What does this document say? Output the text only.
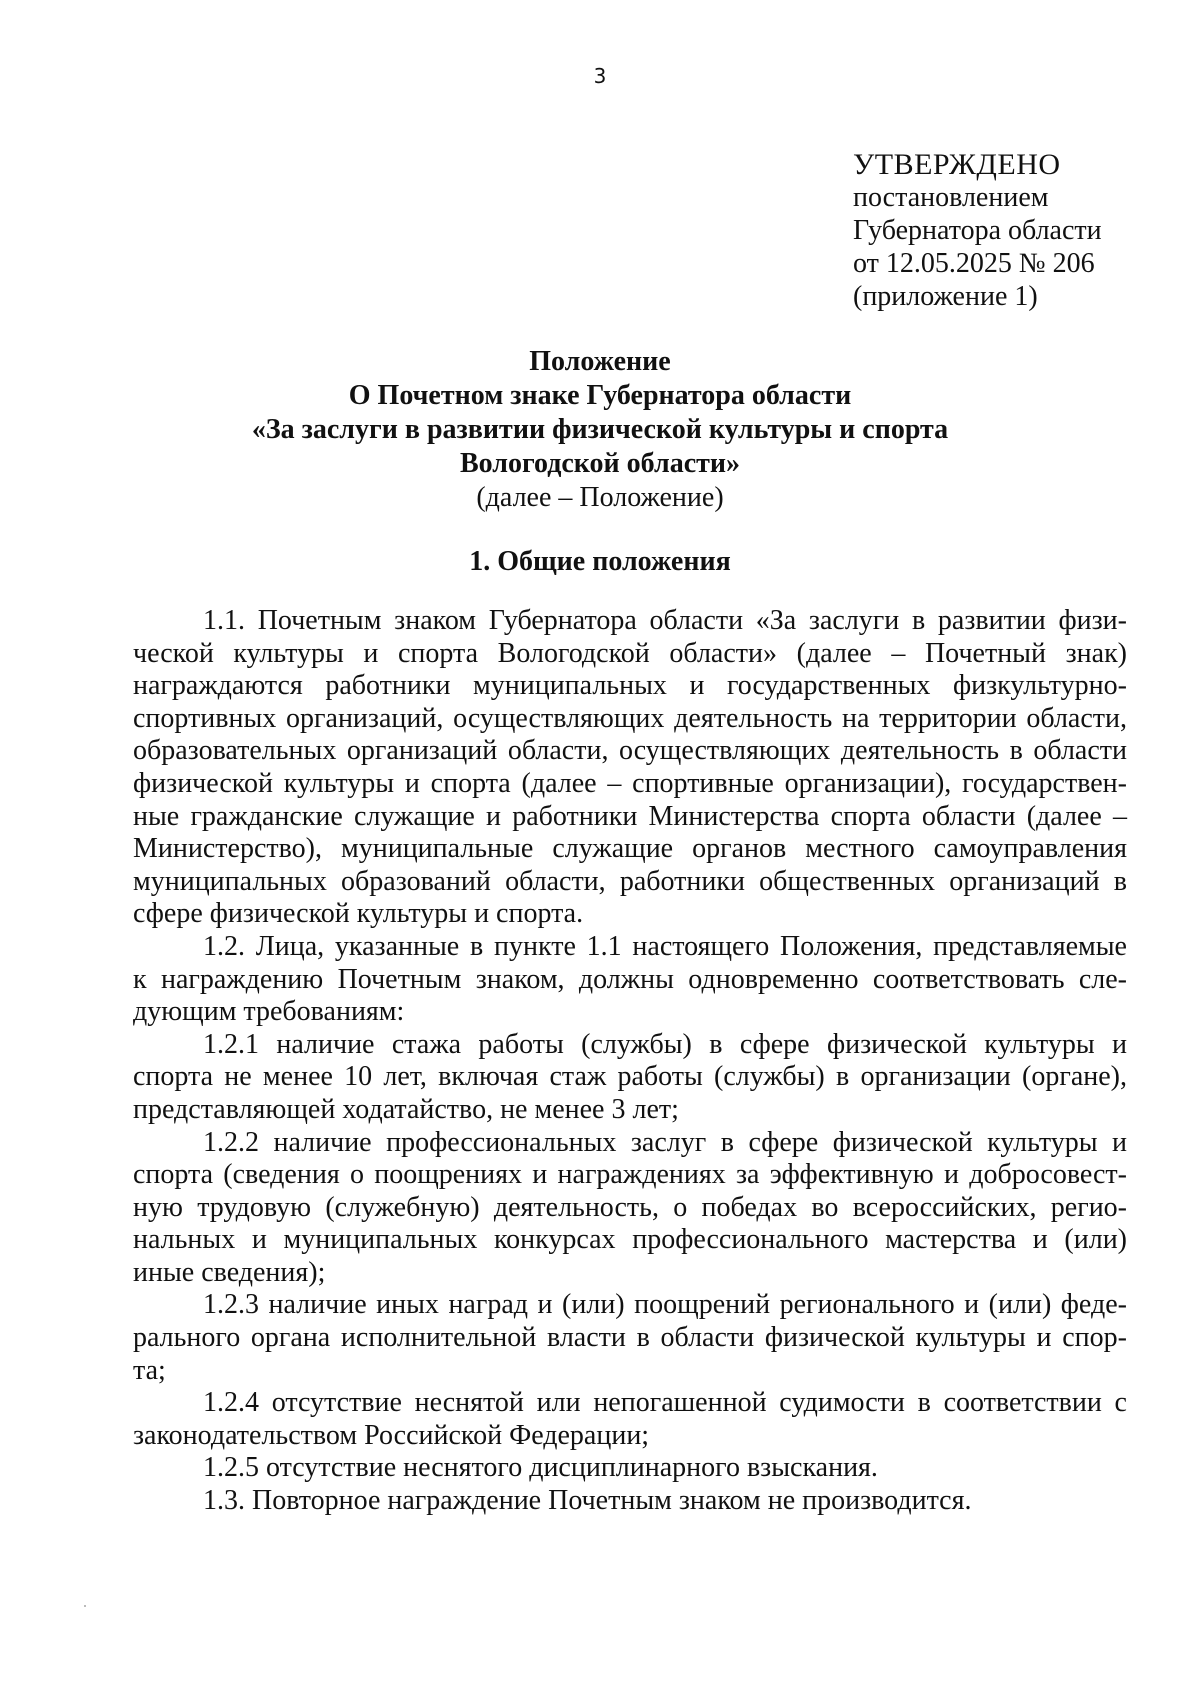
3
УТВЕРЖДЕНО
постановлением
Губернатора области
от 12.05.2025 № 206
(приложение 1)
Положение
О Почетном знаке Губернатора области
«За заслуги в развитии физической культуры и спорта
Вологодской области»
(далее – Положение)
1. Общие положения

1.1. Почетным знаком Губернатора области «За заслуги в развитии физи-
ческой культуры и спорта Вологодской области» (далее – Почетный знак)
награждаются работники муниципальных и государственных физкультурно-
спортивных организаций, осуществляющих деятельность на территории области,
образовательных организаций области, осуществляющих деятельность в области
физической культуры и спорта (далее – спортивные организации), государствен-
ные гражданские служащие и работники Министерства спорта области (далее –
Министерство), муниципальные служащие органов местного самоуправления
муниципальных образований области, работники общественных организаций в
сфере физической культуры и спорта.

1.2. Лица, указанные в пункте 1.1 настоящего Положения, представляемые
к награждению Почетным знаком, должны одновременно соответствовать сле-
дующим требованиям:

1.2.1 наличие стажа работы (службы) в сфере физической культуры и
спорта не менее 10 лет, включая стаж работы (службы) в организации (органе),
представляющей ходатайство, не менее 3 лет;

1.2.2 наличие профессиональных заслуг в сфере физической культуры и
спорта (сведения о поощрениях и награждениях за эффективную и добросовест-
ную трудовую (служебную) деятельность, о победах во всероссийских, регио-
нальных и муниципальных конкурсах профессионального мастерства и (или)
иные сведения);

1.2.3 наличие иных наград и (или) поощрений регионального и (или) феде-
рального органа исполнительной власти в области физической культуры и спор-
та;

1.2.4 отсутствие неснятой или непогашенной судимости в соответствии с
законодательством Российской Федерации;

1.2.5 отсутствие неснятого дисциплинарного взыскания.

1.3. Повторное награждение Почетным знаком не производится.
